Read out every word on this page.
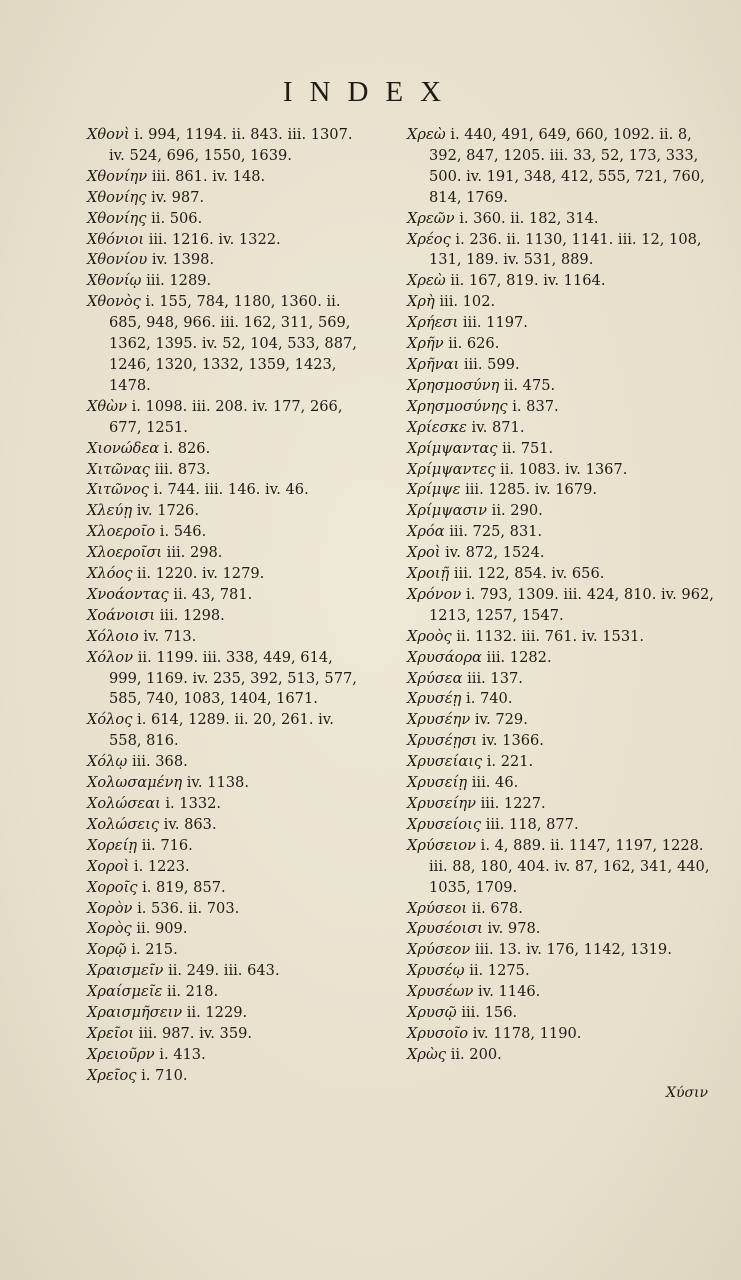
INDEX
Χθονὶ i. 994, 1194. ii. 843. iii. 1307. iv. 524, 696, 1550, 1639.
Χθονίην iii. 861. iv. 148.
Χθονίης iv. 987.
Χθονίης ii. 506.
Χθόνιοι iii. 1216. iv. 1322.
Χθονίου iv. 1398.
Χθονίῳ iii. 1289.
Χθονὸς i. 155, 784, 1180, 1360. ii. 685, 948, 966. iii. 162, 311, 569, 1362, 1395. iv. 52, 104, 533, 887, 1246, 1320, 1332, 1359, 1423, 1478.
Χθὼν i. 1098. iii. 208. iv. 177, 266, 677, 1251.
Χιονώδεα i. 826.
Χιτῶνας iii. 873.
Χιτῶνος i. 744. iii. 146. iv. 46.
Χλεύῃ iv. 1726.
Χλοεροῖο i. 546.
Χλοεροῖσι iii. 298.
Χλόος ii. 1220. iv. 1279.
Χνοάοντας ii. 43, 781.
Χοάνοισι iii. 1298.
Χόλοιο iv. 713.
Χόλον ii. 1199. iii. 338, 449, 614, 999, 1169. iv. 235, 392, 513, 577, 585, 740, 1083, 1404, 1671.
Χόλος i. 614, 1289. ii. 20, 261. iv. 558, 816.
Χόλῳ iii. 368.
Χολωσαμένη iv. 1138.
Χολώσεαι i. 1332.
Χολώσεις iv. 863.
Χορείῃ ii. 716.
Χοροὶ i. 1223.
Χοροῖς i. 819, 857.
Χορὸν i. 536. ii. 703.
Χορὸς ii. 909.
Χορῷ i. 215.
Χραισμεῖν ii. 249. iii. 643.
Χραίσμεῖε ii. 218.
Χραισμῆσειν ii. 1229.
Χρεῖοι iii. 987. iv. 359.
Χρειοῦρν i. 413.
Χρεῖος i. 710.
Χρεὼ i. 440, 491, 649, 660, 1092. ii. 8, 392, 847, 1205. iii. 33, 52, 173, 333, 500. iv. 191, 348, 412, 555, 721, 760, 814, 1769.
Χρεῶν i. 360. ii. 182, 314.
Χρέος i. 236. ii. 1130, 1141. iii. 12, 108, 131, 189. iv. 531, 889.
Χρεὼ ii. 167, 819. iv. 1164.
Χρὴ iii. 102.
Χρήεσι iii. 1197.
Χρῆν ii. 626.
Χρῆναι iii. 599.
Χρησμοσύνη ii. 475.
Χρησμοσύνης i. 837.
Χρίεσκε iv. 871.
Χρίμψαντας ii. 751.
Χρίμψαντες ii. 1083. iv. 1367.
Χρίμψε iii. 1285. iv. 1679.
Χρίμψασιν ii. 290.
Χρόα iii. 725, 831.
Χροὶ iv. 872, 1524.
Χροιῇ iii. 122, 854. iv. 656.
Χρόνον i. 793, 1309. iii. 424, 810. iv. 962, 1213, 1257, 1547.
Χροὸς ii. 1132. iii. 761. iv. 1531.
Χρυσάορα iii. 1282.
Χρύσεα iii. 137.
Χρυσέῃ i. 740.
Χρυσέην iv. 729.
Χρυσέῃσι iv. 1366.
Χρυσείαις i. 221.
Χρυσείῃ iii. 46.
Χρυσείην iii. 1227.
Χρυσείοις iii. 118, 877.
Χρύσειον i. 4, 889. ii. 1147, 1197, 1228. iii. 88, 180, 404. iv. 87, 162, 341, 440, 1035, 1709.
Χρύσεοι ii. 678.
Χρυσέοισι iv. 978.
Χρύσεον iii. 13. iv. 176, 1142, 1319.
Χρυσέῳ ii. 1275.
Χρυσέων iv. 1146.
Χρυσῷ iii. 156.
Χρυσοῖο iv. 1178, 1190.
Χρὼς ii. 200.
Χύσιν
